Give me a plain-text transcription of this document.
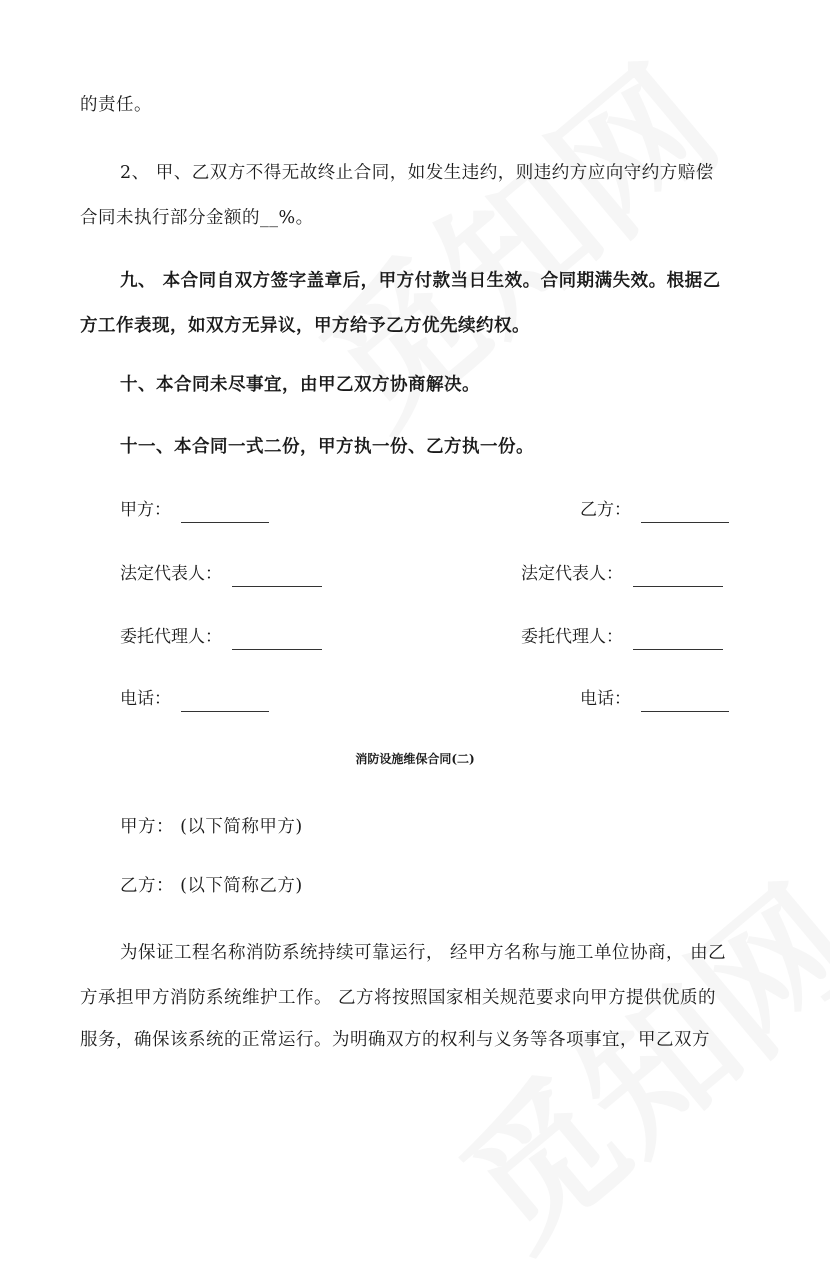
的责任。
2、 甲、乙双方不得无故终止合同，如发生违约，则违约方应向守约方赔偿
合同未执行部分金额的__%。
九、 本合同自双方签字盖章后，甲方付款当日生效。合同期满失效。根据乙
方工作表现，如双方无异议，甲方给予乙方优先续约权。
十、本合同未尽事宜，由甲乙双方协商解决。
十一、本合同一式二份，甲方执一份、乙方执一份。
甲方：	乙方：
法定代表人：	法定代表人：
委托代理人：	委托代理人：
电话：	电话：
消防设施维保合同(二)
甲方： (以下简称甲方)
乙方： (以下简称乙方)
为保证工程名称消防系统持续可靠运行， 经甲方名称与施工单位协商， 由乙
方承担甲方消防系统维护工作。 乙方将按照国家相关规范要求向甲方提供优质的
服务，确保该系统的正常运行。为明确双方的权利与义务等各项事宜，甲乙双方
